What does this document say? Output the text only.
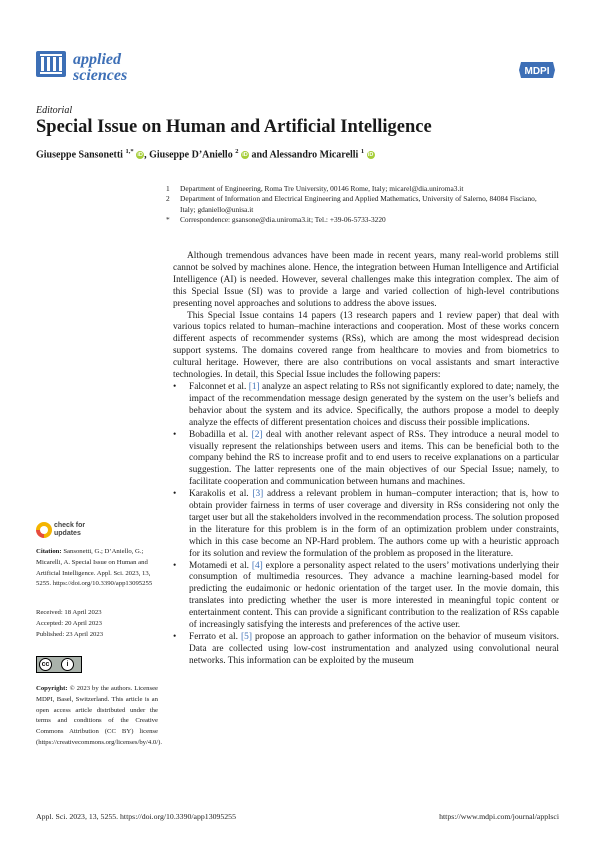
applied
sciences	MDPI
Editorial
Special Issue on Human and Artificial Intelligence
Giuseppe Sansonetti $^{1,*}$ iD, Giuseppe D’Aniello $^2$ iD and Alessandro Micarelli $^1$ iD
1	Department of Engineering, Roma Tre University, 00146 Rome, Italy; micarel@dia.uniroma3.it
2	Department of Information and Electrical Engineering and Applied Mathematics, University of Salerno, 84084 Fisciano, Italy; gdaniello@unisa.it
*	Correspondence: gsansone@dia.uniroma3.it; Tel.: +39-06-5733-3220

Although tremendous advances have been made in recent years, many real-world problems still cannot be solved by machines alone. Hence, the integration between Human Intelligence and Artificial Intelligence (AI) is needed. However, several challenges make this integration complex. The aim of this Special Issue (SI) was to provide a large and varied collection of high-level contributions presenting novel approaches and solutions to address the above issues.

This Special Issue contains 14 papers (13 research papers and 1 review paper) that deal with various topics related to human–machine interactions and cooperation. Most of these works concern different aspects of recommender systems (RSs), which are among the most widespread decision support systems. The domains covered range from healthcare to movies and from biometrics to cultural heritage. However, there are also contributions on vocal assistants and smart interactive technologies. In detail, this Special Issue includes the following papers:

• Falconnet et al. [1] analyze an aspect relating to RSs not significantly explored to date; namely, the impact of the recommendation message design generated by the system on the user’s beliefs and behavior about the system and its advice. Specifically, the authors propose a model to deeply analyze the effects of different presentation choices and discuss their possible implications.
• Bobadilla et al. [2] deal with another relevant aspect of RSs. They introduce a neural model to visually represent the relationships between users and items. This can be beneficial both to the company behind the RS to increase profit and to end users to receive explanations on a particular suggestion. The latter represents one of the main objectives of our Special Issue; namely, to facilitate cooperation and communication between humans and machines.
• Karakolis et al. [3] address a relevant problem in human–computer interaction; that is, how to obtain provider fairness in terms of user coverage and diversity in RSs considering not only the target user but all the stakeholders involved in the recommendation process. The solution proposed in the literature for this problem is in the form of an optimization problem under constraints, which in this case become an NP-Hard problem. The authors come up with a heuristic approach for its solution and review the formulation of the problem as proposed in the literature.
• Motamedi et al. [4] explore a personality aspect related to the users’ motivations underlying their consumption of multimedia resources. They advance a machine learning-based model for predicting the eudaimonic or hedonic orientation of the target user. In the movie domain, this translates into predicting whether the user is more interested in meaningful topic content or entertainment content. This can provide a significant contribution to the realization of RSs capable of increasingly satisfying the interests and preferences of the active user.
• Ferrato et al. [5] propose an approach to gather information on the behavior of museum visitors. Data are collected using low-cost instrumentation and analyzed using convolutional neural networks. This information can be exploited by the museum
check for
updates
Citation: Sansonetti, G.; D’Aniello, G.; Micarelli, A. Special Issue on Human and Artificial Intelligence. Appl. Sci. 2023, 13, 5255. https://doi.org/10.3390/app13095255
Received: 18 April 2023
Accepted: 20 April 2023
Published: 23 April 2023
cc	i
Copyright: © 2023 by the authors. Licensee MDPI, Basel, Switzerland. This article is an open access article distributed under the terms and conditions of the Creative Commons Attribution (CC BY) license (https://creativecommons.org/licenses/by/4.0/).
Appl. Sci. 2023, 13, 5255. https://doi.org/10.3390/app13095255	https://www.mdpi.com/journal/applsci
